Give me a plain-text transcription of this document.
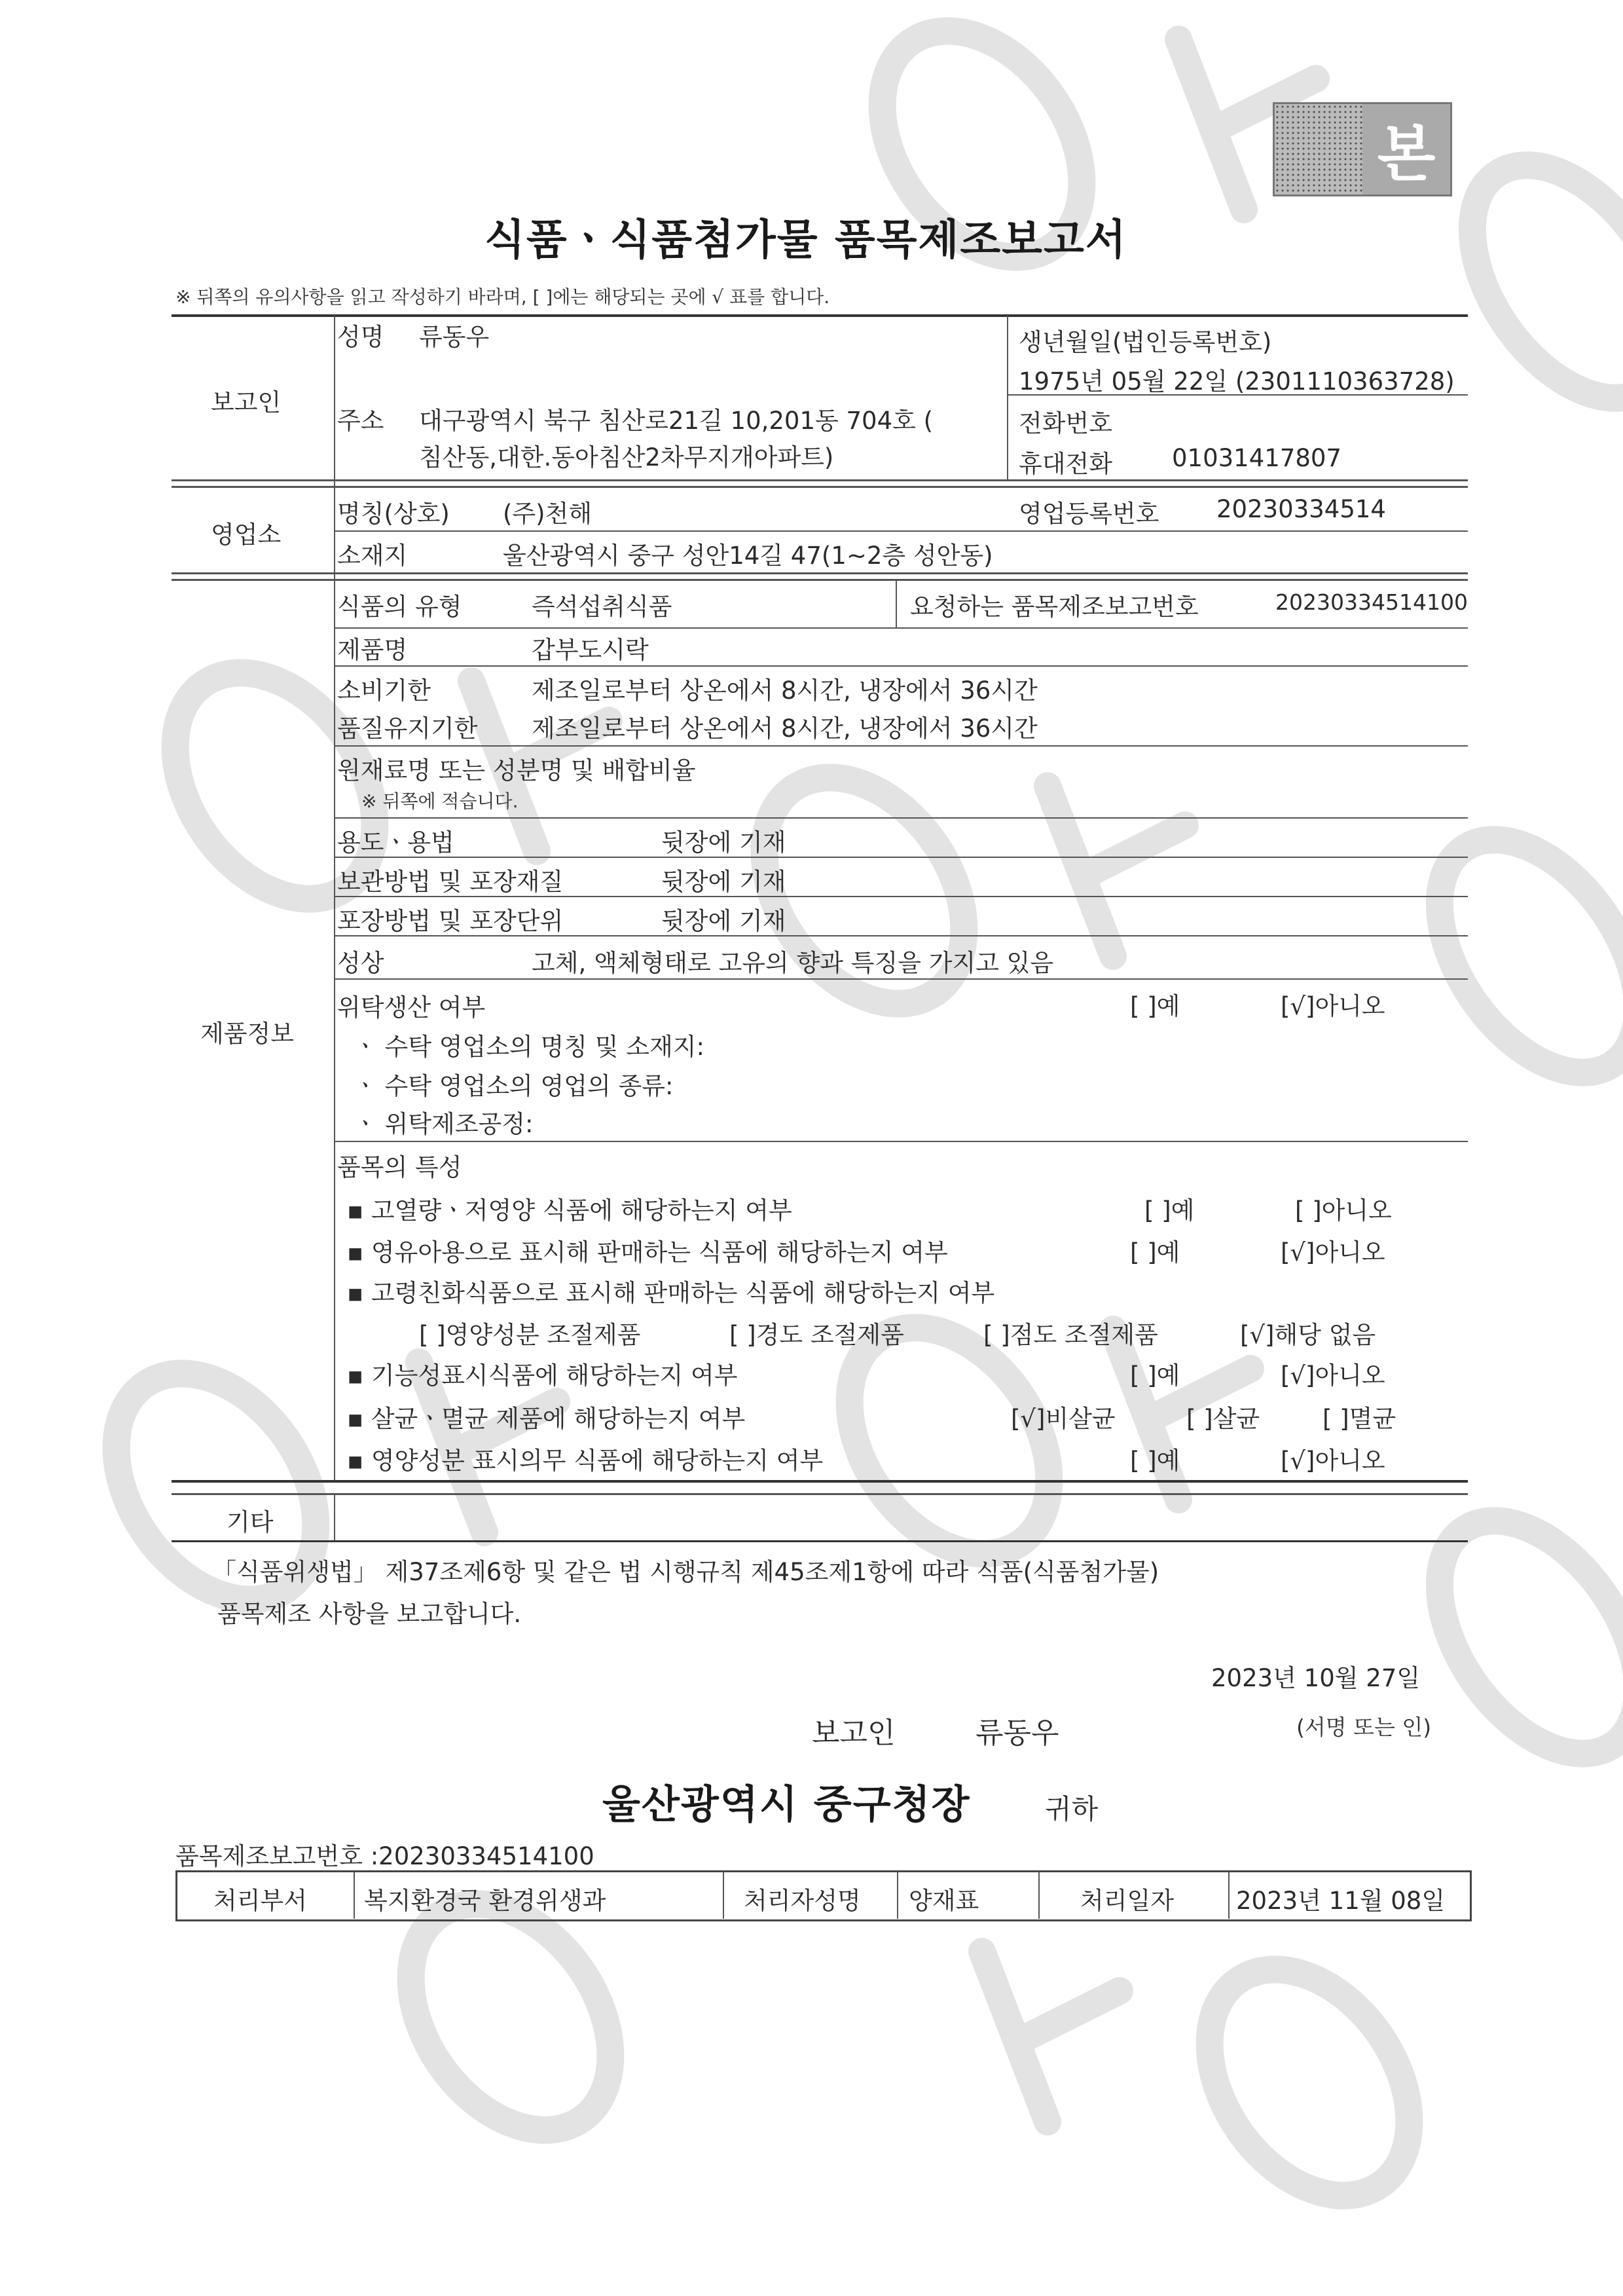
본
식품ㆍ식품첨가물 품목제조보고서
※ 뒤쪽의 유의사항을 읽고 작성하기 바라며, [ ]에는 해당되는 곳에 √ 표를 합니다.
보고인
성명 류동우	생년월일(법인등록번호)
1975년 05월 22일 (2301110363728)
주소 대구광역시 북구 침산로21길 10,201동 704호 (
침산동,대한.동아침산2차무지개아파트)
전화번호
휴대전화 01031417807
영업소
명칭(상호) (주)천해	영업등록번호 20230334514
소재지	울산광역시 중구 성안14길 47(1~2층 성안동)
제품정보
식품의 유형	즉석섭취식품	요청하는 품목제조보고번호	20230334514100
제품명	갑부도시락
소비기한	제조일로부터 상온에서 8시간, 냉장에서 36시간
품질유지기한 제조일로부터 상온에서 8시간, 냉장에서 36시간
원재료명 또는 성분명 및 배합비율
※ 뒤쪽에 적습니다.
용도ㆍ용법	뒷장에 기재
보관방법 및 포장재질	뒷장에 기재
포장방법 및 포장단위	뒷장에 기재
성상	고체, 액체형태로 고유의 향과 특징을 가지고 있음
위탁생산 여부	[ ]예	[√]아니오
ㆍ 수탁 영업소의 명칭 및 소재지:
ㆍ 수탁 영업소의 영업의 종류:
ㆍ 위탁제조공정:
품목의 특성
▪ 고열량ㆍ저영양 식품에 해당하는지 여부	[ ]예	[ ]아니오
▪ 영유아용으로 표시해 판매하는 식품에 해당하는지 여부	[ ]예	[√]아니오
▪ 고령친화식품으로 표시해 판매하는 식품에 해당하는지 여부
[ ]영양성분 조절제품	[ ]경도 조절제품	[ ]점도 조절제품	[√]해당 없음
▪ 기능성표시식품에 해당하는지 여부	[ ]예	[√]아니오
▪ 살균ㆍ멸균 제품에 해당하는지 여부	[√]비살균	[ ]살균	[ ]멸균
▪ 영양성분 표시의무 식품에 해당하는지 여부	[ ]예	[√]아니오
기타
「식품위생법」 제37조제6항 및 같은 법 시행규칙 제45조제1항에 따라 식품(식품첨가물)
품목제조 사항을 보고합니다.
2023년 10월 27일
보고인	류동우	(서명 또는 인)
울산광역시 중구청장	귀하
품목제조보고번호 :20230334514100
처리부서 복지환경국 환경위생과	처리자성명 양재표	처리일자	2023년 11월 08일
